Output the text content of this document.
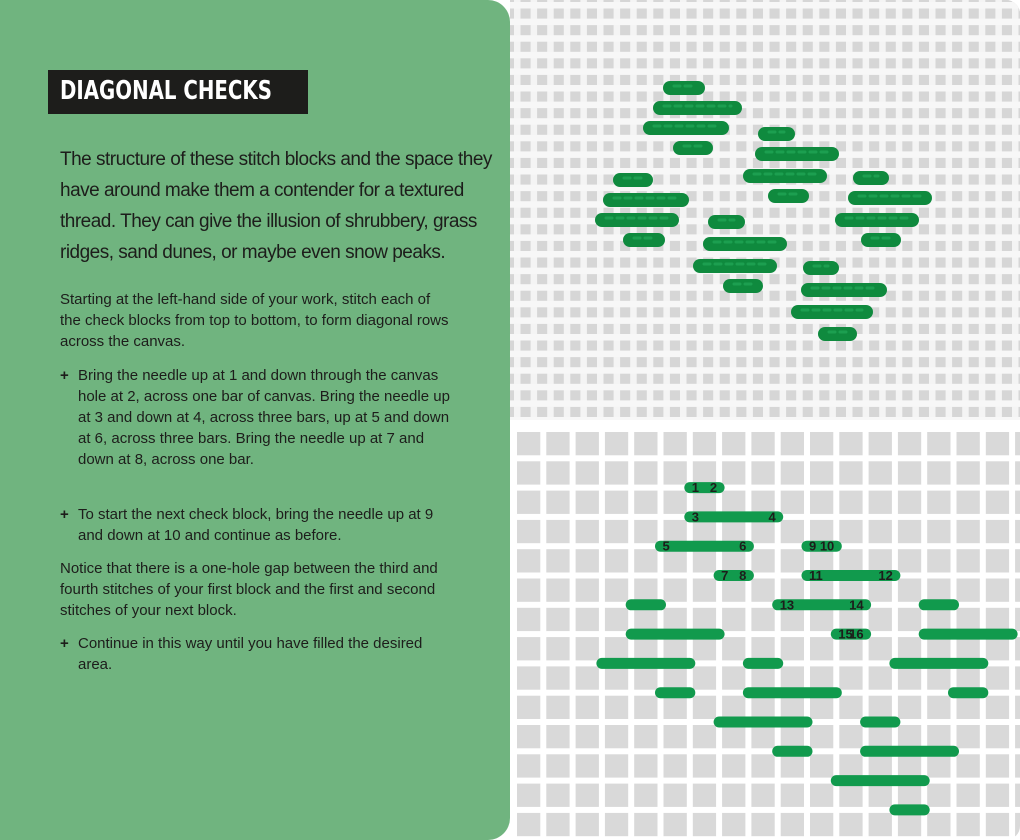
DIAGONAL CHECKS

The structure of these stitch blocks and the space they have around make them a contender for a textured thread. They can give the illusion of shrubbery, grass ridges, sand dunes, or maybe even snow peaks.

Starting at the left-hand side of your work, stitch each of the check blocks from top to bottom, to form diagonal rows across the canvas.

+ Bring the needle up at 1 and down through the canvas hole at 2, across one bar of canvas. Bring the needle up at 3 and down at 4, across three bars, up at 5 and down at 6, across three bars. Bring the needle up at 7 and down at 8, across one bar.

+ To start the next check block, bring the needle up at 9 and down at 10 and continue as before.

Notice that there is a one-hole gap between the third and fourth stitches of your first block and the first and second stitches of your next block.

+ Continue in this way until you have filled the desired area.

1 2
3	4
5	6
7 8
9 10
11	12
13	14
15
16
